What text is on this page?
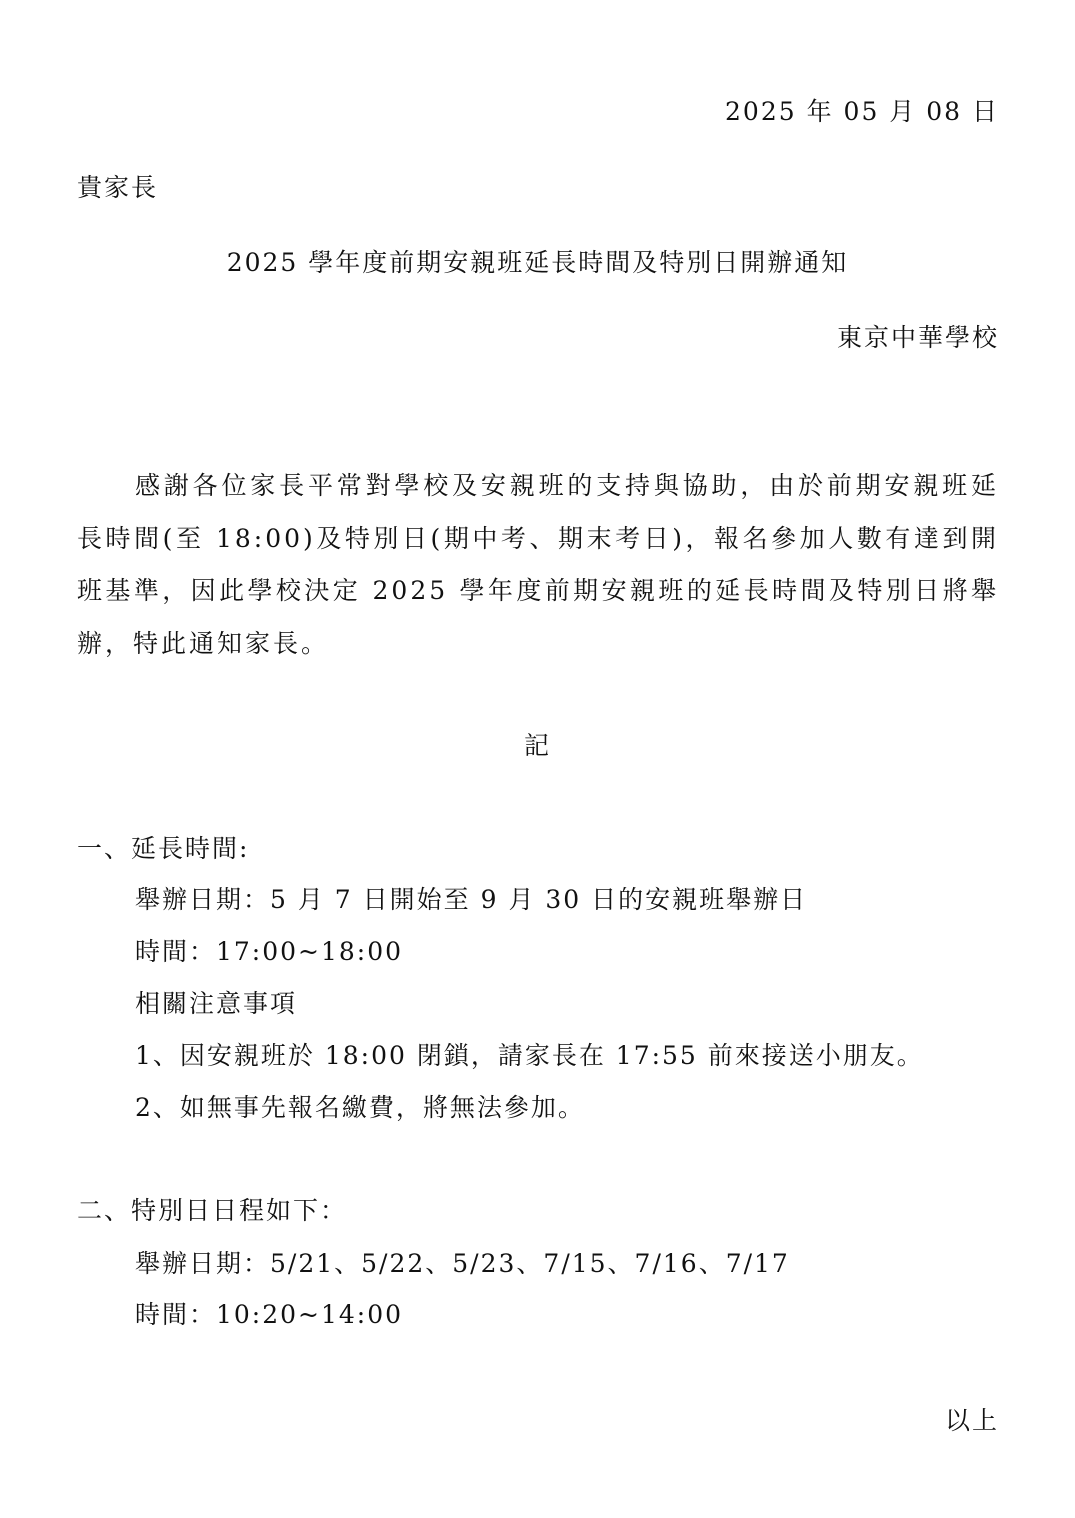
2025 年 05 月 08 日
貴家長
2025 學年度前期安親班延長時間及特別日開辦通知
東京中華學校
感謝各位家長平常對學校及安親班的支持與協助，由於前期安親班延長時間(至 18:00)及特別日(期中考、期末考日)，報名參加人數有達到開班基準，因此學校決定 2025 學年度前期安親班的延長時間及特別日將舉辦，特此通知家長。
記
一、延長時間:
舉辦日期：5 月 7 日開始至 9 月 30 日的安親班舉辦日
時間：17:00~18:00
相關注意事項
1、因安親班於 18:00 閉鎖，請家長在 17:55 前來接送小朋友。
2、如無事先報名繳費，將無法參加。
二、特別日日程如下：
舉辦日期：5/21、5/22、5/23、7/15、7/16、7/17
時間：10:20~14:00
以上
